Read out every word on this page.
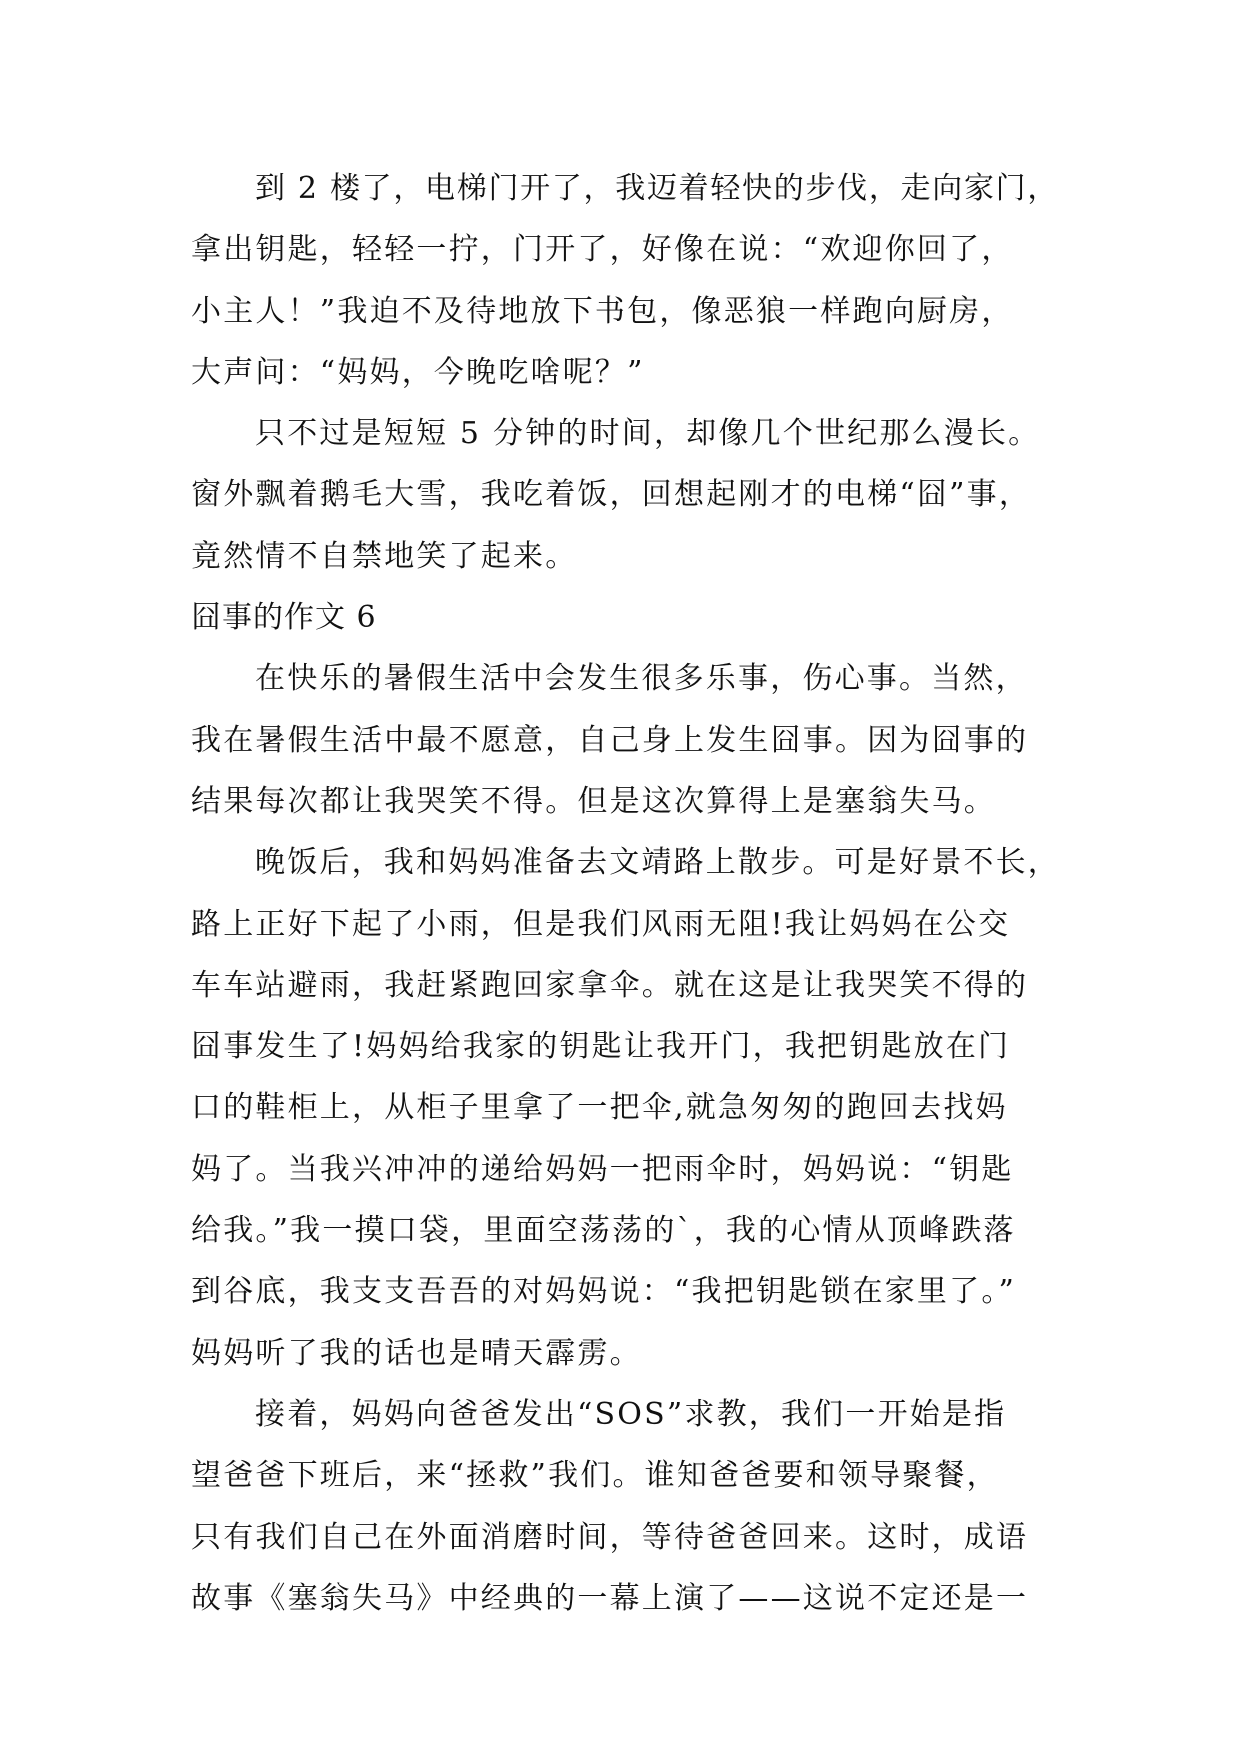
到 2 楼了，电梯门开了，我迈着轻快的步伐，走向家门，
拿出钥匙，轻轻一拧，门开了，好像在说：“欢迎你回了，
小主人！”我迫不及待地放下书包，像恶狼一样跑向厨房，
大声问：“妈妈，今晚吃啥呢？”
只不过是短短 5 分钟的时间，却像几个世纪那么漫长。
窗外飘着鹅毛大雪，我吃着饭，回想起刚才的电梯“囧”事，
竟然情不自禁地笑了起来。
囧事的作文 6
在快乐的暑假生活中会发生很多乐事，伤心事。当然，
我在暑假生活中最不愿意，自己身上发生囧事。因为囧事的
结果每次都让我哭笑不得。但是这次算得上是塞翁失马。
晚饭后，我和妈妈准备去文靖路上散步。可是好景不长，
路上正好下起了小雨，但是我们风雨无阻!我让妈妈在公交
车车站避雨，我赶紧跑回家拿伞。就在这是让我哭笑不得的
囧事发生了!妈妈给我家的钥匙让我开门，我把钥匙放在门
口的鞋柜上，从柜子里拿了一把伞,就急匆匆的跑回去找妈
妈了。当我兴冲冲的递给妈妈一把雨伞时，妈妈说：“钥匙
给我。”我一摸口袋，里面空荡荡的`，我的心情从顶峰跌落
到谷底，我支支吾吾的对妈妈说：“我把钥匙锁在家里了。”
妈妈听了我的话也是晴天霹雳。
接着，妈妈向爸爸发出“SOS”求教，我们一开始是指
望爸爸下班后，来“拯救”我们。谁知爸爸要和领导聚餐，
只有我们自己在外面消磨时间，等待爸爸回来。这时，成语
故事《塞翁失马》中经典的一幕上演了——这说不定还是一
